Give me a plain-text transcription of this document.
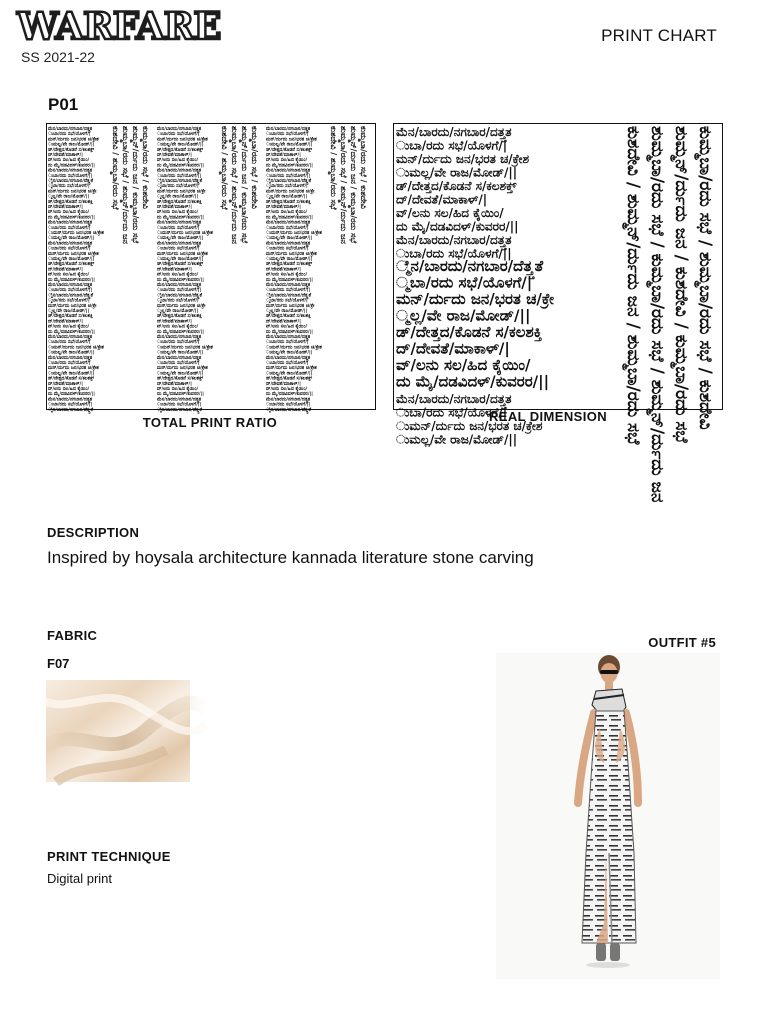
WARFARE
SS 2021-22
PRINT CHART
P01
ಮೆನ/ಬಾರದು/ನಗಬಾರ/ದತ್ತ್ತತ
ುಬಾ/ರದು ಸಭೆ/ಯೊಳಗೆ/|
ಮನ್/ರ್ದುದು ಜನ/ಭರತ ಚ/ಕ್ರೇಶ
ುಮಲ್ಲ/ವೇ ರಾಜ/ಮೋಡ್/||
ಡ್/ದೇತ್ತದ/ಕೊಡನೆ ಸ/ಕಲಶಕ್ತ್
ದ್/ದೇವತೆ/ಮಾಕಾಳ್/|
ವ್/ಲನು ಸಲ/ಹಿದ ಕೈಯಿಂ/
ದು ಮೈ/ದಡವಿದಳ್/ಕುವರರ/||
ಮೆನ/ಬಾರದು/ನಗಬಾರ/ದತ್ತ್ತತ
ುಬಾ/ರದು ಸಭೆ/ಯೊಳಗೆ/||
್ಮೆನ/ಬಾರದು/ನಗಬಾರ/ದೆತ್ತ್ತತೆ
್ಮಬಾ/ರದು ಸಭೆ/ಯೊಳಗೆ/|
ಮನ್/ರ್ದುದು ಜನ/ಭರತ ಚ/ಕ್ರೇ
್ಮಲ್ಲ/ವೇ ರಾಜ/ಮೋಡ್/||
ಡ್/ದೇತ್ತದ/ಕೊಡನೆ ಸ/ಕಲಶಕ್ತಿ
ದ್/ದೇವತೆ/ಮಾಕಾಳ್/|
ವ್/ಲನು ಸಲ/ಹಿದ ಕೈಯಿಂ/
ದು ಮೈ/ದಡವಿದಳ್/ಕುವರರ/||
ಮೆನ/ಬಾರದು/ನಗಬಾರ/ದತ್ತ್ತತ
ುಬಾ/ರದು ಸಭೆ/ಯೊಳಗೆ/|
ುಮನ್/ರ್ದುದು ಜನ/ಭರತ ಚ/ಕ್ರೇಶ
ುಮಲ್ಲ/ವೇ ರಾಜ/ಮೋಡ್/||
ಮೆನ/ಬಾರದು/ನಗಬಾರ/ದತ್ತ್ತತ
ುಬಾ/ರದು ಸಭೆ/ಯೊಳಗೆ/|
ಮನ್/ರ್ದುದು ಜನ/ಭರತ ಚ/ಕ್ರೇಶ
ುಮಲ್ಲ/ವೇ ರಾಜ/ಮೋಡ್/||
ಡ್/ದೇತ್ತದ/ಕೊಡನೆ ಸ/ಕಲಶಕ್ತ್
ದ್/ದೇವತೆ/ಮಾಕಾಳ್/|
ವ್/ಲನು ಸಲ/ಹಿದ ಕೈಯಿಂ/
ದು ಮೈ/ದಡವಿದಳ್/ಕುವರರ/||
ಮೆನ/ಬಾರದು/ನಗಬಾರ/ದತ್ತ್ತತ
ುಬಾ/ರದು ಸಭೆ/ಯೊಳಗೆ/||
್ಮೆನ/ಬಾರದು/ನಗಬಾರ/ದೆತ್ತ್ತತೆ
್ಮಬಾ/ರದು ಸಭೆ/ಯೊಳಗೆ/|
ಮನ್/ರ್ದುದು ಜನ/ಭರತ ಚ/ಕ್ರೇ
್ಮಲ್ಲ/ವೇ ರಾಜ/ಮೋಡ್/||
ಡ್/ದೇತ್ತದ/ಕೊಡನೆ ಸ/ಕಲಶಕ್ತಿ
ದ್/ದೇವತೆ/ಮಾಕಾಳ್/|
ವ್/ಲನು ಸಲ/ಹಿದ ಕೈಯಿಂ/
ದು ಮೈ/ದಡವಿದಳ್/ಕುವರರ/||
ಮೆನ/ಬಾರದು/ನಗಬಾರ/ದತ್ತ್ತತ
ುಬಾ/ರದು ಸಭೆ/ಯೊಳಗೆ/|
ುಮನ್/ರ್ದುದು ಜನ/ಭರತ ಚ/ಕ್ರೇಶ
ುಮಲ್ಲ/ವೇ ರಾಜ/ಮೋಡ್/||
ಮೆನ/ಬಾರದು/ನಗಬಾರ/ದತ್ತ್ತತ
ುಬಾ/ರದು ಸಭೆ/ಯೊಳಗೆ/|
ಮನ್/ರ್ದುದು ಜನ/ಭರತ ಚ/ಕ್ರೇಶ
ುಮಲ್ಲ/ವೇ ರಾಜ/ಮೋಡ್/||
ಡ್/ದೇತ್ತದ/ಕೊಡನೆ ಸ/ಕಲಶಕ್ತ್
ದ್/ದೇವತೆ/ಮಾಕಾಳ್/|
ವ್/ಲನು ಸಲ/ಹಿದ ಕೈಯಿಂ/
ದು ಮೈ/ದಡವಿದಳ್/ಕುವರರ/||
ಮೆನ/ಬಾರದು/ನಗಬಾರ/ದತ್ತ್ತತ
ುಬಾ/ರದು ಸಭೆ/ಯೊಳಗೆ/||
್ಮೆನ/ಬಾರದು/ನಗಬಾರ/ದೆತ್ತ್ತತೆ
ಕುಶದೇವಿ / ಶುಮ್ಮಬಾ/ರದು ಸಭೆ ಶುಮ್ಮಬಾ/ರದು ಸಭೆ / ಶುಮ್ಮನ್/ರ್ದುದು ಜನ ಶುಮ್ಮನ್/ರ್ದುದು ಜನ / ಕುಮ್ಮಬಾ/ರದು ಸಭೆ ಕುಮ್ಮಬಾ/ರದು ಸಭೆ / ಕುಶದೇವಿ ಮೆನ/ಬಾರದು/ನಗಬಾರ/ದತ್ತ್ತತ
ುಬಾ/ರದು ಸಭೆ/ಯೊಳಗೆ/|
ಮನ್/ರ್ದುದು ಜನ/ಭರತ ಚ/ಕ್ರೇಶ
ುಮಲ್ಲ/ವೇ ರಾಜ/ಮೋಡ್/||
ಡ್/ದೇತ್ತದ/ಕೊಡನೆ ಸ/ಕಲಶಕ್ತ್
ದ್/ದೇವತೆ/ಮಾಕಾಳ್/|
ವ್/ಲನು ಸಲ/ಹಿದ ಕೈಯಿಂ/
ದು ಮೈ/ದಡವಿದಳ್/ಕುವರರ/||
ಮೆನ/ಬಾರದು/ನಗಬಾರ/ದತ್ತ್ತತ
ುಬಾ/ರದು ಸಭೆ/ಯೊಳಗೆ/||
್ಮೆನ/ಬಾರದು/ನಗಬಾರ/ದೆತ್ತ್ತತೆ
್ಮಬಾ/ರದು ಸಭೆ/ಯೊಳಗೆ/|
ಮನ್/ರ್ದುದು ಜನ/ಭರತ ಚ/ಕ್ರೇ
್ಮಲ್ಲ/ವೇ ರಾಜ/ಮೋಡ್/||
ಡ್/ದೇತ್ತದ/ಕೊಡನೆ ಸ/ಕಲಶಕ್ತಿ
ದ್/ದೇವತೆ/ಮಾಕಾಳ್/|
ವ್/ಲನು ಸಲ/ಹಿದ ಕೈಯಿಂ/
ದು ಮೈ/ದಡವಿದಳ್/ಕುವರರ/||
ಮೆನ/ಬಾರದು/ನಗಬಾರ/ದತ್ತ್ತತ
ುಬಾ/ರದು ಸಭೆ/ಯೊಳಗೆ/|
ುಮನ್/ರ್ದುದು ಜನ/ಭರತ ಚ/ಕ್ರೇಶ
ುಮಲ್ಲ/ವೇ ರಾಜ/ಮೋಡ್/||
ಮೆನ/ಬಾರದು/ನಗಬಾರ/ದತ್ತ್ತತ
ುಬಾ/ರದು ಸಭೆ/ಯೊಳಗೆ/|
ಮನ್/ರ್ದುದು ಜನ/ಭರತ ಚ/ಕ್ರೇಶ
ುಮಲ್ಲ/ವೇ ರಾಜ/ಮೋಡ್/||
ಡ್/ದೇತ್ತದ/ಕೊಡನೆ ಸ/ಕಲಶಕ್ತ್
ದ್/ದೇವತೆ/ಮಾಕಾಳ್/|
ವ್/ಲನು ಸಲ/ಹಿದ ಕೈಯಿಂ/
ದು ಮೈ/ದಡವಿದಳ್/ಕುವರರ/||
ಮೆನ/ಬಾರದು/ನಗಬಾರ/ದತ್ತ್ತತ
ುಬಾ/ರದು ಸಭೆ/ಯೊಳಗೆ/||
್ಮೆನ/ಬಾರದು/ನಗಬಾರ/ದೆತ್ತ್ತತೆ
್ಮಬಾ/ರದು ಸಭೆ/ಯೊಳಗೆ/|
ಮನ್/ರ್ದುದು ಜನ/ಭರತ ಚ/ಕ್ರೇ
್ಮಲ್ಲ/ವೇ ರಾಜ/ಮೋಡ್/||
ಡ್/ದೇತ್ತದ/ಕೊಡನೆ ಸ/ಕಲಶಕ್ತಿ
ದ್/ದೇವತೆ/ಮಾಕಾಳ್/|
ವ್/ಲನು ಸಲ/ಹಿದ ಕೈಯಿಂ/
ದು ಮೈ/ದಡವಿದಳ್/ಕುವರರ/||
ಮೆನ/ಬಾರದು/ನಗಬಾರ/ದತ್ತ್ತತ
ುಬಾ/ರದು ಸಭೆ/ಯೊಳಗೆ/|
ುಮನ್/ರ್ದುದು ಜನ/ಭರತ ಚ/ಕ್ರೇಶ
ುಮಲ್ಲ/ವೇ ರಾಜ/ಮೋಡ್/||
ಮೆನ/ಬಾರದು/ನಗಬಾರ/ದತ್ತ್ತತ
ುಬಾ/ರದು ಸಭೆ/ಯೊಳಗೆ/|
ಮನ್/ರ್ದುದು ಜನ/ಭರತ ಚ/ಕ್ರೇಶ
ುಮಲ್ಲ/ವೇ ರಾಜ/ಮೋಡ್/||
ಡ್/ದೇತ್ತದ/ಕೊಡನೆ ಸ/ಕಲಶಕ್ತ್
ದ್/ದೇವತೆ/ಮಾಕಾಳ್/|
ವ್/ಲನು ಸಲ/ಹಿದ ಕೈಯಿಂ/
ದು ಮೈ/ದಡವಿದಳ್/ಕುವರರ/||
ಮೆನ/ಬಾರದು/ನಗಬಾರ/ದತ್ತ್ತತ
ುಬಾ/ರದು ಸಭೆ/ಯೊಳಗೆ/||
್ಮೆನ/ಬಾರದು/ನಗಬಾರ/ದೆತ್ತ್ತತೆ
ಕುಶದೇವಿ / ಶುಮ್ಮಬಾ/ರದು ಸಭೆ ಶುಮ್ಮಬಾ/ರದು ಸಭೆ / ಶುಮ್ಮನ್/ರ್ದುದು ಜನ ಶುಮ್ಮನ್/ರ್ದುದು ಜನ / ಕುಮ್ಮಬಾ/ರದು ಸಭೆ ಕುಮ್ಮಬಾ/ರದು ಸಭೆ / ಕುಶದೇವಿ ಮೆನ/ಬಾರದು/ನಗಬಾರ/ದತ್ತ್ತತ
ುಬಾ/ರದು ಸಭೆ/ಯೊಳಗೆ/|
ಮನ್/ರ್ದುದು ಜನ/ಭರತ ಚ/ಕ್ರೇಶ
ುಮಲ್ಲ/ವೇ ರಾಜ/ಮೋಡ್/||
ಡ್/ದೇತ್ತದ/ಕೊಡನೆ ಸ/ಕಲಶಕ್ತ್
ದ್/ದೇವತೆ/ಮಾಕಾಳ್/|
ವ್/ಲನು ಸಲ/ಹಿದ ಕೈಯಿಂ/
ದು ಮೈ/ದಡವಿದಳ್/ಕುವರರ/||
ಮೆನ/ಬಾರದು/ನಗಬಾರ/ದತ್ತ್ತತ
ುಬಾ/ರದು ಸಭೆ/ಯೊಳಗೆ/||
್ಮೆನ/ಬಾರದು/ನಗಬಾರ/ದೆತ್ತ್ತತೆ
್ಮಬಾ/ರದು ಸಭೆ/ಯೊಳಗೆ/|
ಮನ್/ರ್ದುದು ಜನ/ಭರತ ಚ/ಕ್ರೇ
್ಮಲ್ಲ/ವೇ ರಾಜ/ಮೋಡ್/||
ಡ್/ದೇತ್ತದ/ಕೊಡನೆ ಸ/ಕಲಶಕ್ತಿ
ದ್/ದೇವತೆ/ಮಾಕಾಳ್/|
ವ್/ಲನು ಸಲ/ಹಿದ ಕೈಯಿಂ/
ದು ಮೈ/ದಡವಿದಳ್/ಕುವರರ/||
ಮೆನ/ಬಾರದು/ನಗಬಾರ/ದತ್ತ್ತತ
ುಬಾ/ರದು ಸಭೆ/ಯೊಳಗೆ/|
ುಮನ್/ರ್ದುದು ಜನ/ಭರತ ಚ/ಕ್ರೇಶ
ುಮಲ್ಲ/ವೇ ರಾಜ/ಮೋಡ್/||
ಮೆನ/ಬಾರದು/ನಗಬಾರ/ದತ್ತ್ತತ
ುಬಾ/ರದು ಸಭೆ/ಯೊಳಗೆ/|
ಮನ್/ರ್ದುದು ಜನ/ಭರತ ಚ/ಕ್ರೇಶ
ುಮಲ್ಲ/ವೇ ರಾಜ/ಮೋಡ್/||
ಡ್/ದೇತ್ತದ/ಕೊಡನೆ ಸ/ಕಲಶಕ್ತ್
ದ್/ದೇವತೆ/ಮಾಕಾಳ್/|
ವ್/ಲನು ಸಲ/ಹಿದ ಕೈಯಿಂ/
ದು ಮೈ/ದಡವಿದಳ್/ಕುವರರ/||
ಮೆನ/ಬಾರದು/ನಗಬಾರ/ದತ್ತ್ತತ
ುಬಾ/ರದು ಸಭೆ/ಯೊಳಗೆ/||
್ಮೆನ/ಬಾರದು/ನಗಬಾರ/ದೆತ್ತ್ತತೆ
್ಮಬಾ/ರದು ಸಭೆ/ಯೊಳಗೆ/|
ಮನ್/ರ್ದುದು ಜನ/ಭರತ ಚ/ಕ್ರೇ
್ಮಲ್ಲ/ವೇ ರಾಜ/ಮೋಡ್/||
ಡ್/ದೇತ್ತದ/ಕೊಡನೆ ಸ/ಕಲಶಕ್ತಿ
ದ್/ದೇವತೆ/ಮಾಕಾಳ್/|
ವ್/ಲನು ಸಲ/ಹಿದ ಕೈಯಿಂ/
ದು ಮೈ/ದಡವಿದಳ್/ಕುವರರ/||
ಮೆನ/ಬಾರದು/ನಗಬಾರ/ದತ್ತ್ತತ
ುಬಾ/ರದು ಸಭೆ/ಯೊಳಗೆ/|
ುಮನ್/ರ್ದುದು ಜನ/ಭರತ ಚ/ಕ್ರೇಶ
ುಮಲ್ಲ/ವೇ ರಾಜ/ಮೋಡ್/||
ಮೆನ/ಬಾರದು/ನಗಬಾರ/ದತ್ತ್ತತ
ುಬಾ/ರದು ಸಭೆ/ಯೊಳಗೆ/|
ಮನ್/ರ್ದುದು ಜನ/ಭರತ ಚ/ಕ್ರೇಶ
ುಮಲ್ಲ/ವೇ ರಾಜ/ಮೋಡ್/||
ಡ್/ದೇತ್ತದ/ಕೊಡನೆ ಸ/ಕಲಶಕ್ತ್
ದ್/ದೇವತೆ/ಮಾಕಾಳ್/|
ವ್/ಲನು ಸಲ/ಹಿದ ಕೈಯಿಂ/
ದು ಮೈ/ದಡವಿದಳ್/ಕುವರರ/||
ಮೆನ/ಬಾರದು/ನಗಬಾರ/ದತ್ತ್ತತ
ುಬಾ/ರದು ಸಭೆ/ಯೊಳಗೆ/||
್ಮೆನ/ಬಾರದು/ನಗಬಾರ/ದೆತ್ತ್ತತೆ
ಕುಶದೇವಿ / ಶುಮ್ಮಬಾ/ರದು ಸಭೆ ಶುಮ್ಮಬಾ/ರದು ಸಭೆ / ಶುಮ್ಮನ್/ರ್ದುದು ಜನ ಶುಮ್ಮನ್/ರ್ದುದು ಜನ / ಕುಮ್ಮಬಾ/ರದು ಸಭೆ ಕುಮ್ಮಬಾ/ರದು ಸಭೆ / ಕುಶದೇವಿ ಮೆನ/ಬಾರದು/ನಗಬಾರ/ದತ್ತ್ತತ
ುಬಾ/ರದು ಸಭೆ/ಯೊಳಗೆ/|
ಮನ್/ರ್ದುದು ಜನ/ಭರತ ಚ/ಕ್ರೇಶ
ುಮಲ್ಲ/ವೇ ರಾಜ/ಮೋಡ್/||
ಡ್/ದೇತ್ತದ/ಕೊಡನೆ ಸ/ಕಲಶಕ್ತ್
ದ್/ದೇವತೆ/ಮಾಕಾಳ್/|
ವ್/ಲನು ಸಲ/ಹಿದ ಕೈಯಿಂ/
ದು ಮೈ/ದಡವಿದಳ್/ಕುವರರ/||
ಮೆನ/ಬಾರದು/ನಗಬಾರ/ದತ್ತ್ತತ
ುಬಾ/ರದು ಸಭೆ/ಯೊಳಗೆ/||
್ಮೆನ/ಬಾರದು/ನಗಬಾರ/ದೆತ್ತ್ತತೆ
್ಮಬಾ/ರದು ಸಭೆ/ಯೊಳಗೆ/|
ಮನ್/ರ್ದುದು ಜನ/ಭರತ ಚ/ಕ್ರೇ
್ಮಲ್ಲ/ವೇ ರಾಜ/ಮೋಡ್/||
ಡ್/ದೇತ್ತದ/ಕೊಡನೆ ಸ/ಕಲಶಕ್ತಿ
ದ್/ದೇವತೆ/ಮಾಕಾಳ್/|
ವ್/ಲನು ಸಲ/ಹಿದ ಕೈಯಿಂ/
ದು ಮೈ/ದಡವಿದಳ್/ಕುವರರ/||
ಮೆನ/ಬಾರದು/ನಗಬಾರ/ದತ್ತ್ತತ
ುಬಾ/ರದು ಸಭೆ/ಯೊಳಗೆ/|
ುಮನ್/ರ್ದುದು ಜನ/ಭರತ ಚ/ಕ್ರೇಶ
ುಮಲ್ಲ/ವೇ ರಾಜ/ಮೋಡ್/||	ಕುಶದೇವಿ / ಶುಮ್ಮನ್/ರ್ದುದು ಜನ / ಶುಮ್ಮಬಾ/ರದು ಸಭೆ ಶುಮ್ಮಬಾ/ರದು ಸಭೆ / ಕುಮ್ಮಬಾ/ರದು ಸಭೆ / ಶುಮ್ಮನ್/ರ್ದುದು ಜನ ಶುಮ್ಮನ್/ರ್ದುದು ಜನ / ಕುಶದೇವಿ / ಕುಮ್ಮಬಾ/ರದು ಸಭೆ ಕುಮ್ಮಬಾ/ರದು ಸಭೆ / ಶುಮ್ಮಬಾ/ರದು ಸಭೆ / ಕುಶದೇವಿ
TOTAL PRINT RATIO	REAL DIMENSION
DESCRIPTION
Inspired by hoysala architecture kannada literature stone carving
FABRIC
F07
PRINT TECHNIQUE
Digital print
OUTFIT #5
